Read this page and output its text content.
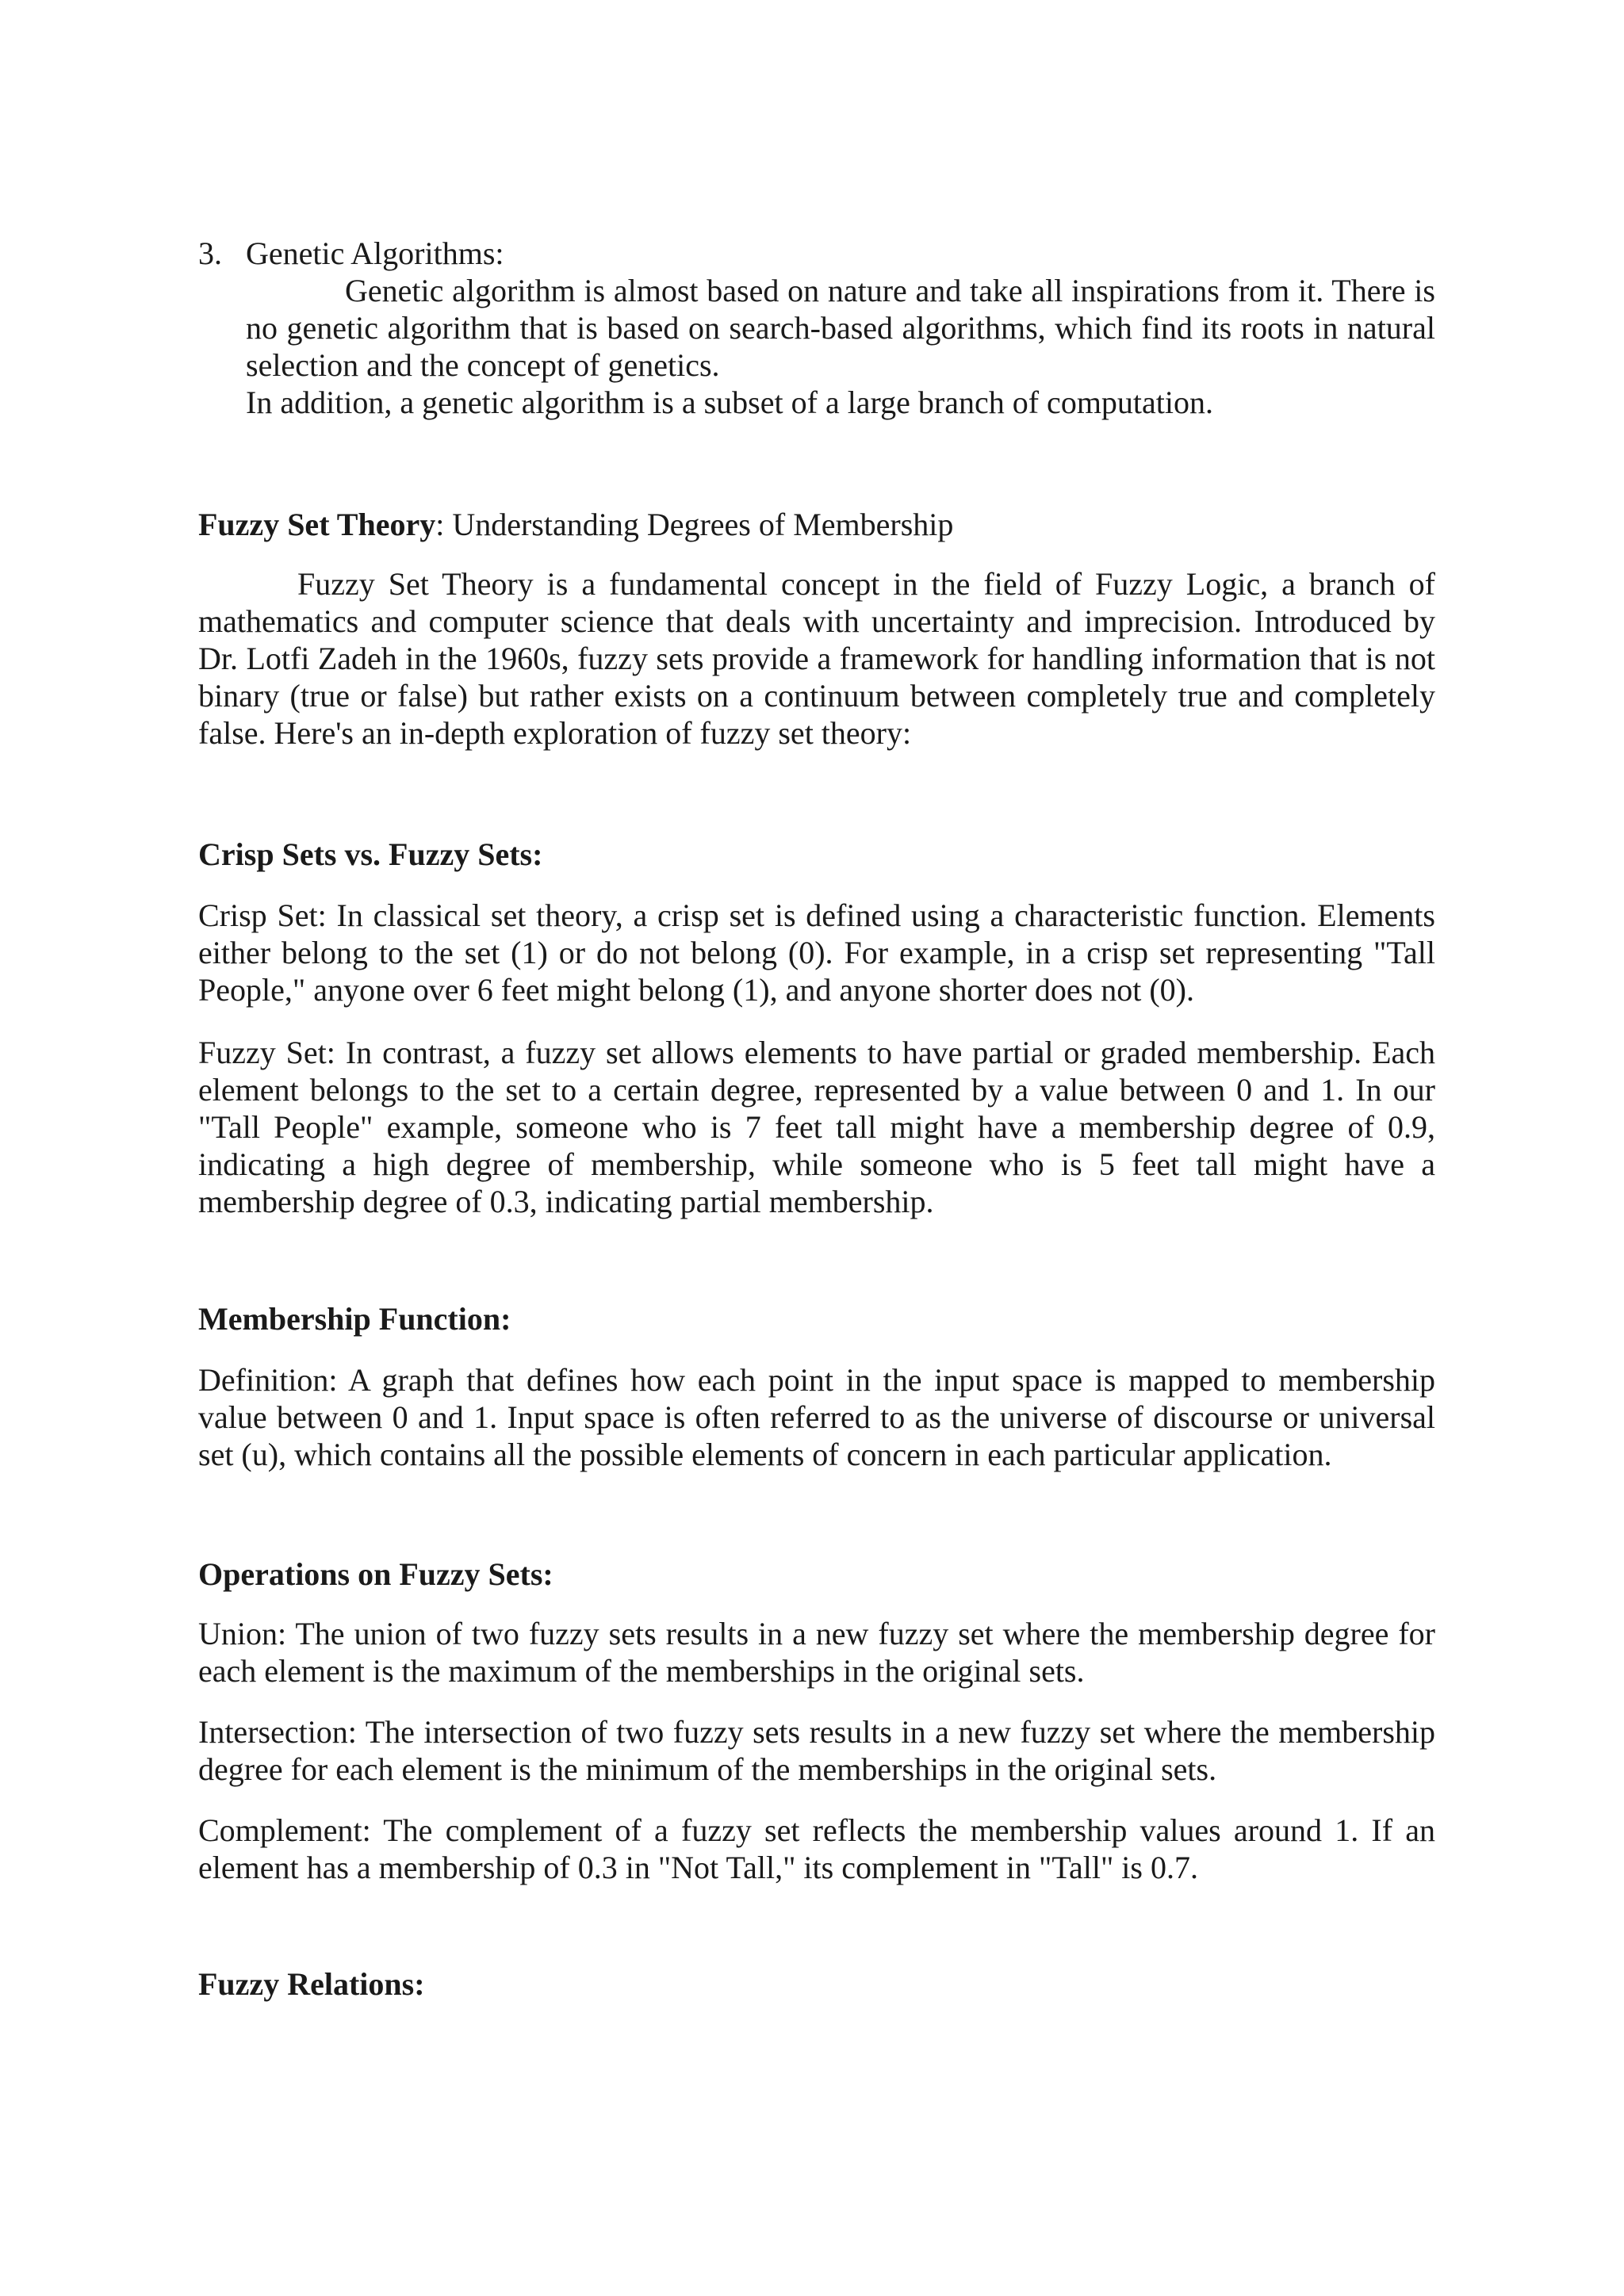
3. Genetic Algorithms:

Genetic algorithm is almost based on nature and take all inspirations from it. There is no genetic algorithm that is based on search-based algorithms, which find its roots in natural selection and the concept of genetics.

In addition, a genetic algorithm is a subset of a large branch of computation.

Fuzzy Set Theory: Understanding Degrees of Membership

Fuzzy Set Theory is a fundamental concept in the field of Fuzzy Logic, a branch of mathematics and computer science that deals with uncertainty and imprecision. Introduced by Dr. Lotfi Zadeh in the 1960s, fuzzy sets provide a framework for handling information that is not binary (true or false) but rather exists on a continuum between completely true and completely false. Here's an in-depth exploration of fuzzy set theory:

Crisp Sets vs. Fuzzy Sets:

Crisp Set: In classical set theory, a crisp set is defined using a characteristic function. Elements either belong to the set (1) or do not belong (0). For example, in a crisp set representing "Tall People," anyone over 6 feet might belong (1), and anyone shorter does not (0).

Fuzzy Set: In contrast, a fuzzy set allows elements to have partial or graded membership. Each element belongs to the set to a certain degree, represented by a value between 0 and 1. In our "Tall People" example, someone who is 7 feet tall might have a membership degree of 0.9, indicating a high degree of membership, while someone who is 5 feet tall might have a membership degree of 0.3, indicating partial membership.

Membership Function:

Definition: A graph that defines how each point in the input space is mapped to membership value between 0 and 1. Input space is often referred to as the universe of discourse or universal set (u), which contains all the possible elements of concern in each particular application.

Operations on Fuzzy Sets:

Union: The union of two fuzzy sets results in a new fuzzy set where the membership degree for each element is the maximum of the memberships in the original sets.

Intersection: The intersection of two fuzzy sets results in a new fuzzy set where the membership degree for each element is the minimum of the memberships in the original sets.

Complement: The complement of a fuzzy set reflects the membership values around 1. If an element has a membership of 0.3 in "Not Tall," its complement in "Tall" is 0.7.

Fuzzy Relations:
